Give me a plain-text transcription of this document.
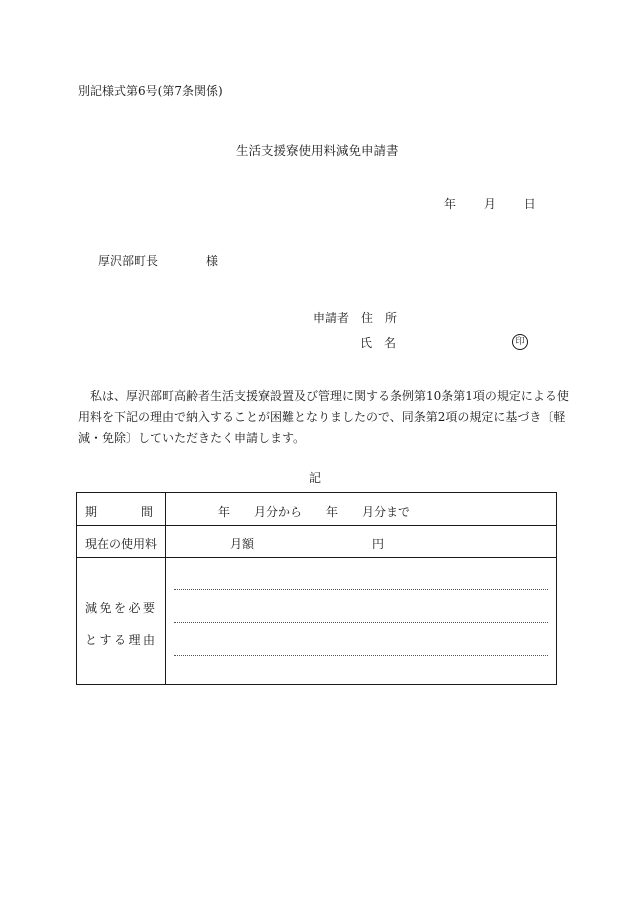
別記様式第6号(第7条関係)
生活支援寮使用料減免申請書
年 月 日
厚沢部町長	様
申請者 住　所
氏　名	印
私は、厚沢部町高齢者生活支援寮設置及び管理に関する条例第10条第1項の規定による使
用料を下記の理由で納入することが困難となりましたので、同条第2項の規定に基づき〔軽
減・免除〕していただきたく申請します。
記
期	間	年　　月分から　　年　　月分まで
現在の使用料	月額	円
減 免 を 必 要
と す る 理 由
